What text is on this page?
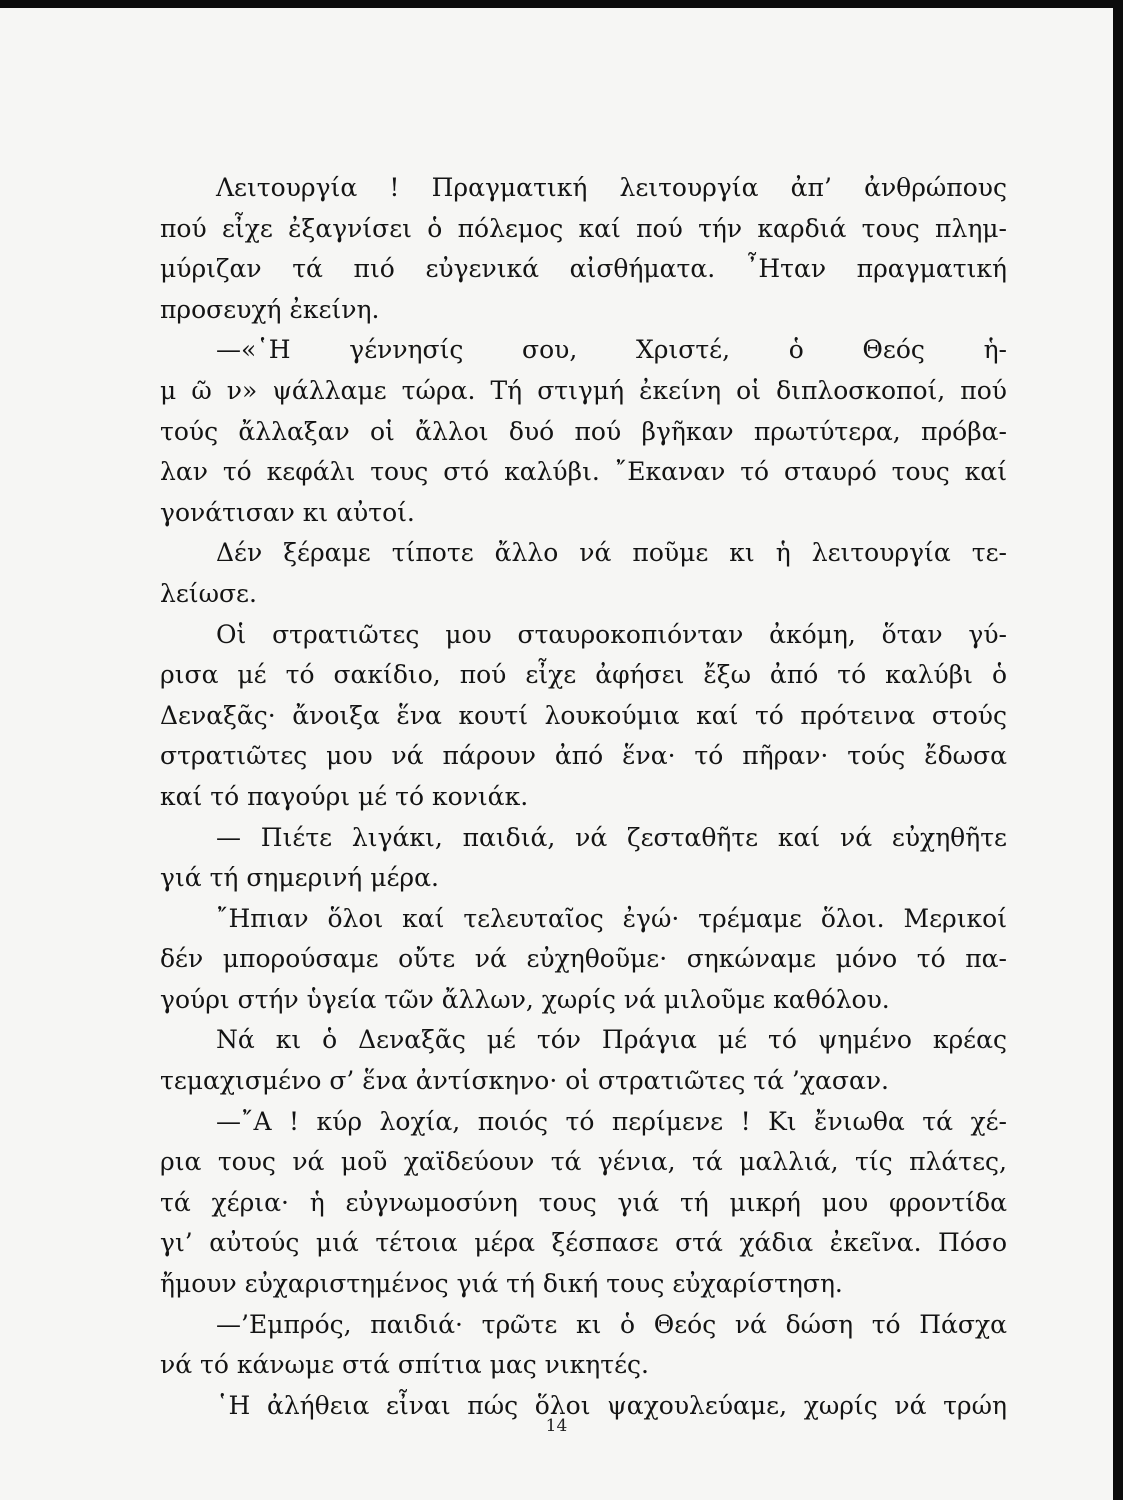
Λειτουργία ! Πραγματική λειτουργία ἀπ’ ἀνθρώπους
πού εἶχε ἐξαγνίσει ὁ πόλεμος καί πού τήν καρδιά τους πλημ-
μύριζαν τά πιό εὐγενικά αἰσθήματα. ῏Ηταν πραγματική
προσευχή ἐκείνη.
—«῾Η γέννησίς σου, Χριστέ, ὁ Θεός ἡ-
μ ῶ ν» ψάλλαμε τώρα. Τή στιγμή ἐκείνη οἱ διπλοσκοποί, πού
τούς ἄλλαξαν οἱ ἄλλοι δυό πού βγῆκαν πρωτύτερα, πρόβα-
λαν τό κεφάλι τους στό καλύβι. ῎Εκαναν τό σταυρό τους καί
γονάτισαν κι αὐτοί.
Δέν ξέραμε τίποτε ἄλλο νά ποῦμε κι ἡ λειτουργία τε-
λείωσε.
Οἱ στρατιῶτες μου σταυροκοπιόνταν ἀκόμη, ὅταν γύ-
ρισα μέ τό σακίδιο, πού εἶχε ἀφήσει ἔξω ἀπό τό καλύβι ὁ
Δεναξᾶς· ἄνοιξα ἕνα κουτί λουκούμια καί τό πρότεινα στούς
στρατιῶτες μου νά πάρουν ἀπό ἕνα· τό πῆραν· τούς ἔδωσα
καί τό παγούρι μέ τό κονιάκ.
— Πιέτε λιγάκι, παιδιά, νά ζεσταθῆτε καί νά εὐχηθῆτε
γιά τή σημερινή μέρα.
῎Ηπιαν ὅλοι καί τελευταῖος ἐγώ· τρέμαμε ὅλοι. Μερικοί
δέν μπορούσαμε οὔτε νά εὐχηθοῦμε· σηκώναμε μόνο τό πα-
γούρι στήν ὑγεία τῶν ἄλλων, χωρίς νά μιλοῦμε καθόλου.
Νά κι ὁ Δεναξᾶς μέ τόν Πράγια μέ τό ψημένο κρέας
τεμαχισμένο σ’ ἕνα ἀντίσκηνο· οἱ στρατιῶτες τά ’χασαν.
—῎Α ! κύρ λοχία, ποιός τό περίμενε ! Κι ἔνιωθα τά χέ-
ρια τους νά μοῦ χαϊδεύουν τά γένια, τά μαλλιά, τίς πλάτες,
τά χέρια· ἡ εὐγνωμοσύνη τους γιά τή μικρή μου φροντίδα
γι’ αὐτούς μιά τέτοια μέρα ξέσπασε στά χάδια ἐκεῖνα. Πόσο
ἤμουν εὐχαριστημένος γιά τή δική τους εὐχαρίστηση.
—’Εμπρός, παιδιά· τρῶτε κι ὁ Θεός νά δώση τό Πάσχα
νά τό κάνωμε στά σπίτια μας νικητές.
῾Η ἀλήθεια εἶναι πώς ὅλοι ψαχουλεύαμε, χωρίς νά τρώη
14
